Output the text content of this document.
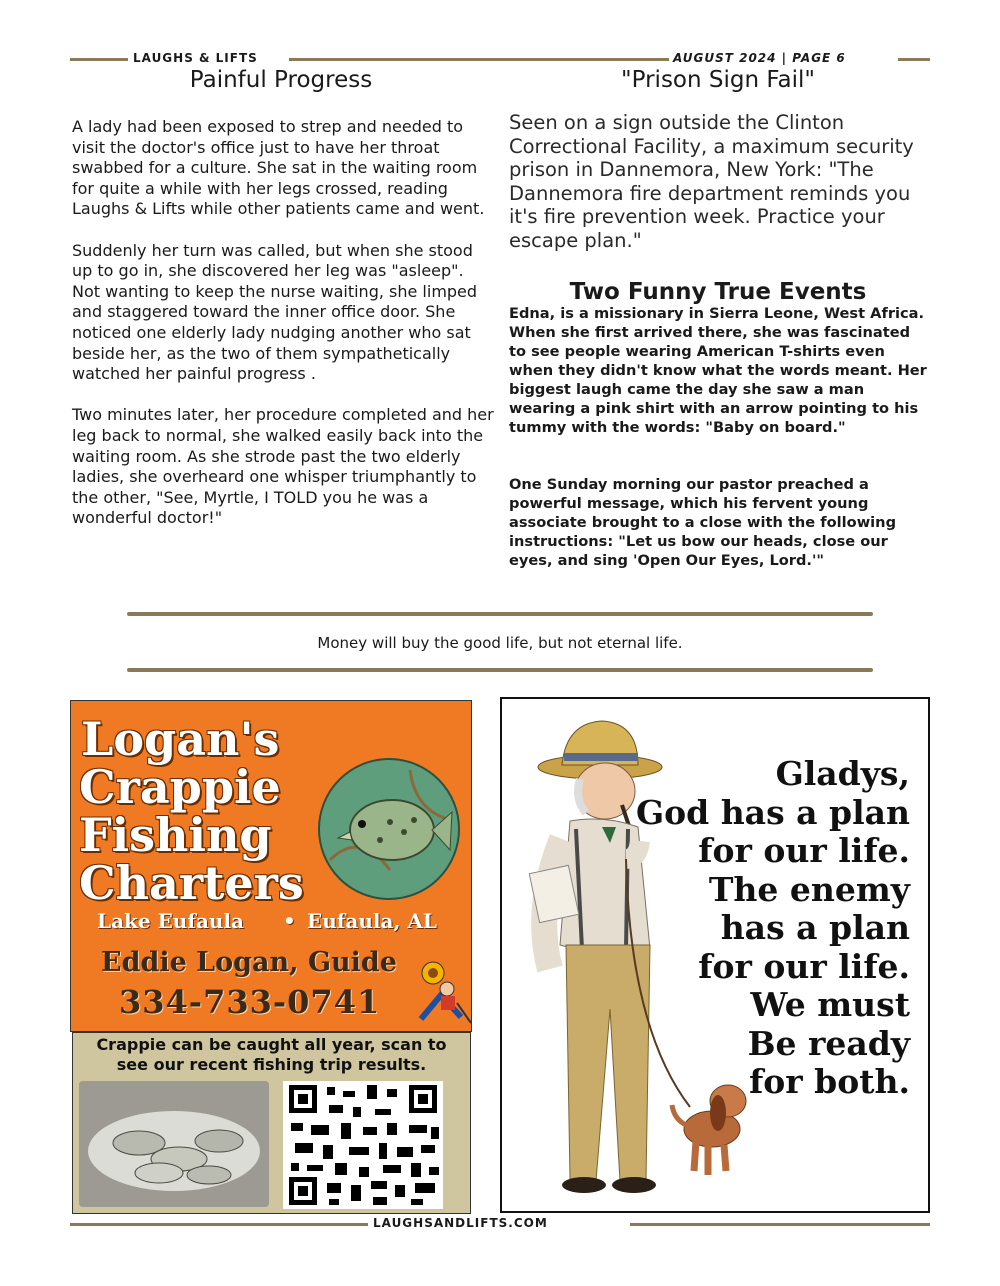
LAUGHS & LIFTS	AUGUST 2024 | PAGE 6
Painful Progress

A lady had been exposed to strep and needed to visit the doctor's office just to have her throat swabbed for a culture. She sat in the waiting room for quite a while with her legs crossed, reading Laughs & Lifts while other patients came and went.

Suddenly her turn was called, but when she stood up to go in, she discovered her leg was "asleep". Not wanting to keep the nurse waiting, she limped and staggered toward the inner office door. She noticed one elderly lady nudging another who sat beside her, as the two of them sympathetically watched her painful progress .

Two minutes later, her procedure completed and her leg back to normal, she walked easily back into the waiting room. As she strode past the two elderly ladies, she overheard one whisper triumphantly to the other, "See, Myrtle, I TOLD you he was a wonderful doctor!"

"Prison Sign Fail"
Seen on a sign outside the Clinton Correctional Facility, a maximum security prison in Dannemora, New York: "The Dannemora fire department reminds you it's fire prevention week. Practice your escape plan."
Two Funny True Events

Edna, is a missionary in Sierra Leone, West Africa. When she first arrived there, she was fascinated to see people wearing American T-shirts even when they didn't know what the words meant. Her biggest laugh came the day she saw a man wearing a pink shirt with an arrow pointing to his tummy with the words: "Baby on board."

One Sunday morning our pastor preached a powerful message, which his fervent young associate brought to a close with the following instructions: "Let us bow our heads, close our eyes, and sing 'Open Our Eyes, Lord.'"

Money will buy the good life, but not eternal life.
Logan's
Crappie
Fishing
Charters
Lake Eufaula • Eufaula, AL
Eddie Logan, Guide
334-733-0741
Crappie can be caught all year, scan to see our recent fishing trip results.
Gladys,
God has a plan
for our life.
The enemy
has a plan
for our life.
We must
Be ready
for both.
LAUGHSANDLIFTS.COM
